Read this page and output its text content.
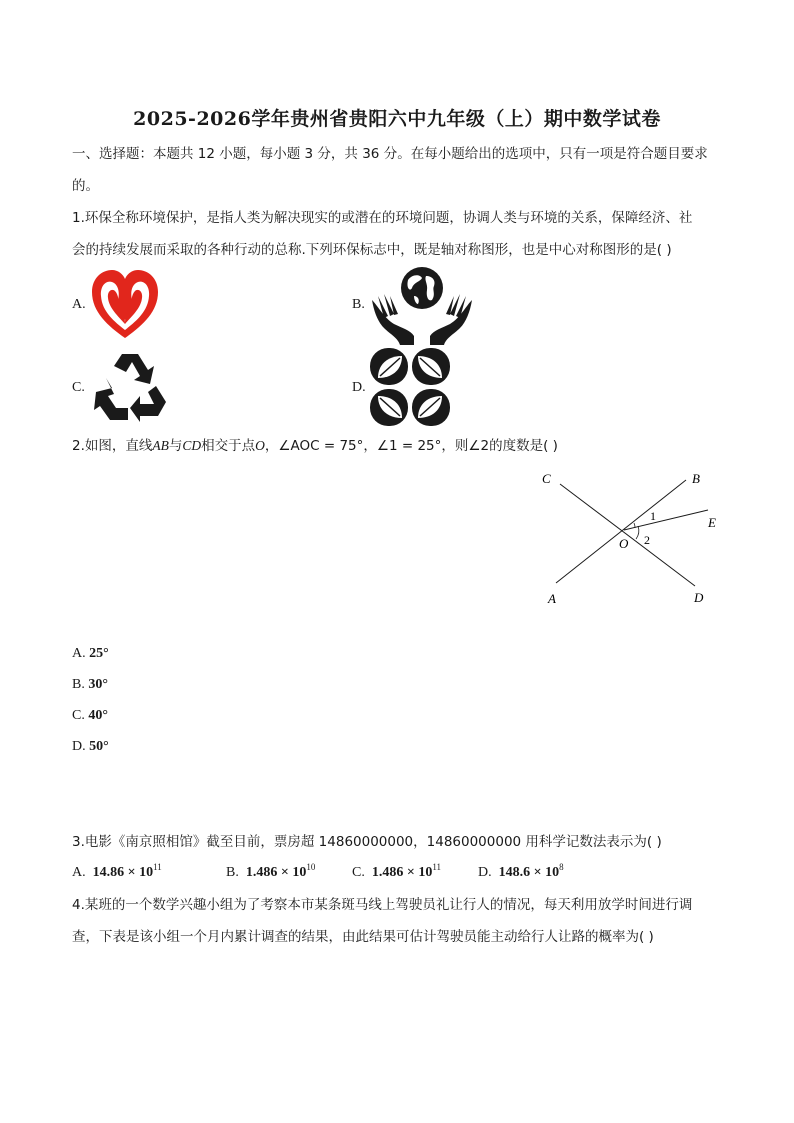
2025-2026学年贵州省贵阳六中九年级（上）期中数学试卷
一、选择题：本题共 12 小题，每小题 3 分，共 36 分。在每小题给出的选项中，只有一项是符合题目要求
的。
1.环保全称环境保护，是指人类为解决现实的或潜在的环境问题，协调人类与环境的关系，保障经济、社
会的持续发展而采取的各种行动的总称.下列环保标志中，既是轴对称图形，也是中心对称图形的是( )
A.	B.
C.	D.
2.如图，直线AB与CD相交于点O，∠AOC = 75°，∠1 = 25°，则∠2的度数是( )
C	B
E
O
1
2
A	D
A. 25°
B. 30°
C. 40°
D. 50°
3.电影《南京照相馆》截至目前，票房超 14860000000，14860000000 用科学记数法表示为( )
A. $14.86 \times 10^{11}$	B. $1.486 \times 10^{10}$	C. $1.486 \times 10^{11}$	D. $148.6 \times 10^8$
4.某班的一个数学兴趣小组为了考察本市某条斑马线上驾驶员礼让行人的情况，每天利用放学时间进行调
查，下表是该小组一个月内累计调查的结果，由此结果可估计驾驶员能主动给行人让路的概率为( )
